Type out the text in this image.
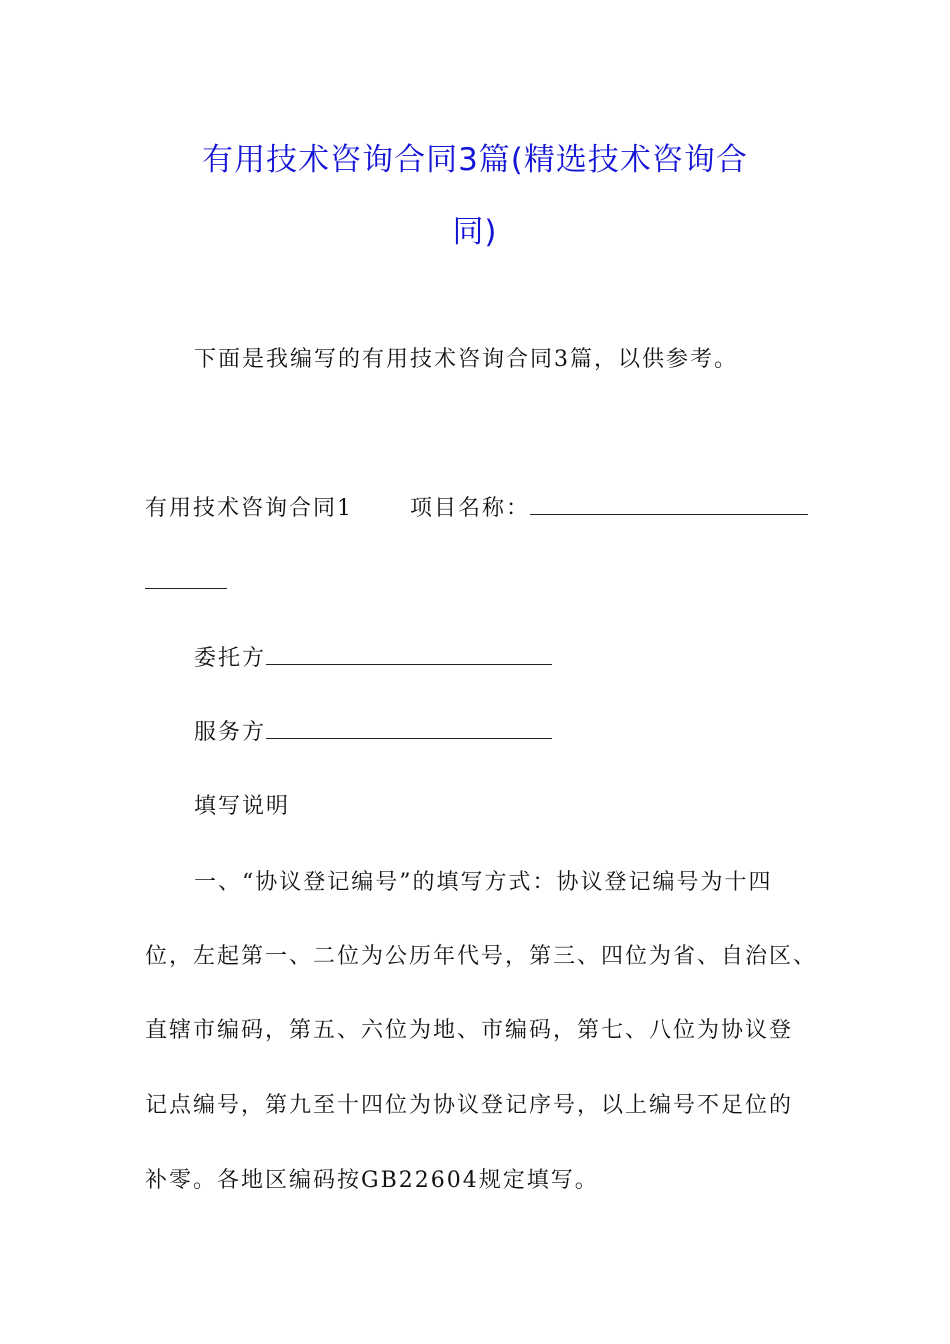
有用技术咨询合同3篇(精选技术咨询合
同)
下面是我编写的有用技术咨询合同3篇，以供参考。
有用技术咨询合同1	项目名称：
委托方
服务方
填写说明
一、“协议登记编号”的填写方式：协议登记编号为十四
位，左起第一、二位为公历年代号，第三、四位为省、自治区、
直辖市编码，第五、六位为地、市编码，第七、八位为协议登
记点编号，第九至十四位为协议登记序号，以上编号不足位的
补零。各地区编码按GB22604规定填写。
